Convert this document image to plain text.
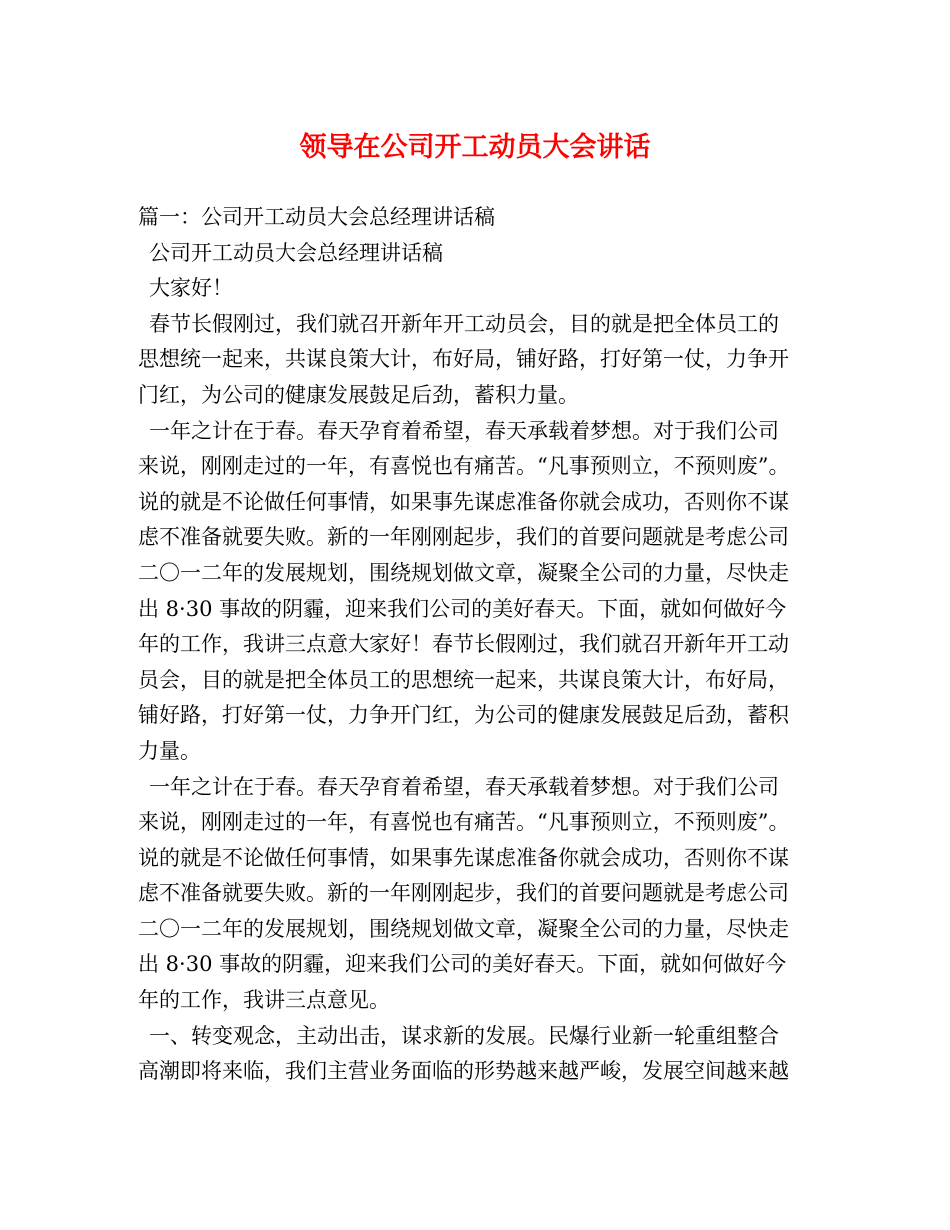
领导在公司开工动员大会讲话
篇一：公司开工动员大会总经理讲话稿
公司开工动员大会总经理讲话稿
大家好！
春节长假刚过，我们就召开新年开工动员会，目的就是把全体员工的
思想统一起来，共谋良策大计，布好局，铺好路，打好第一仗，力争开
门红，为公司的健康发展鼓足后劲，蓄积力量。
一年之计在于春。春天孕育着希望，春天承载着梦想。对于我们公司
来说，刚刚走过的一年，有喜悦也有痛苦。“凡事预则立，不预则废”。
说的就是不论做任何事情，如果事先谋虑准备你就会成功，否则你不谋
虑不准备就要失败。新的一年刚刚起步，我们的首要问题就是考虑公司
二〇一二年的发展规划，围绕规划做文章，凝聚全公司的力量，尽快走
出 8·30 事故的阴霾，迎来我们公司的美好春天。下面，就如何做好今
年的工作，我讲三点意大家好！春节长假刚过，我们就召开新年开工动
员会，目的就是把全体员工的思想统一起来，共谋良策大计，布好局，
铺好路，打好第一仗，力争开门红，为公司的健康发展鼓足后劲，蓄积
力量。
一年之计在于春。春天孕育着希望，春天承载着梦想。对于我们公司
来说，刚刚走过的一年，有喜悦也有痛苦。“凡事预则立，不预则废”。
说的就是不论做任何事情，如果事先谋虑准备你就会成功，否则你不谋
虑不准备就要失败。新的一年刚刚起步，我们的首要问题就是考虑公司
二〇一二年的发展规划，围绕规划做文章，凝聚全公司的力量，尽快走
出 8·30 事故的阴霾，迎来我们公司的美好春天。下面，就如何做好今
年的工作，我讲三点意见。
一、转变观念，主动出击，谋求新的发展。民爆行业新一轮重组整合
高潮即将来临，我们主营业务面临的形势越来越严峻，发展空间越来越
